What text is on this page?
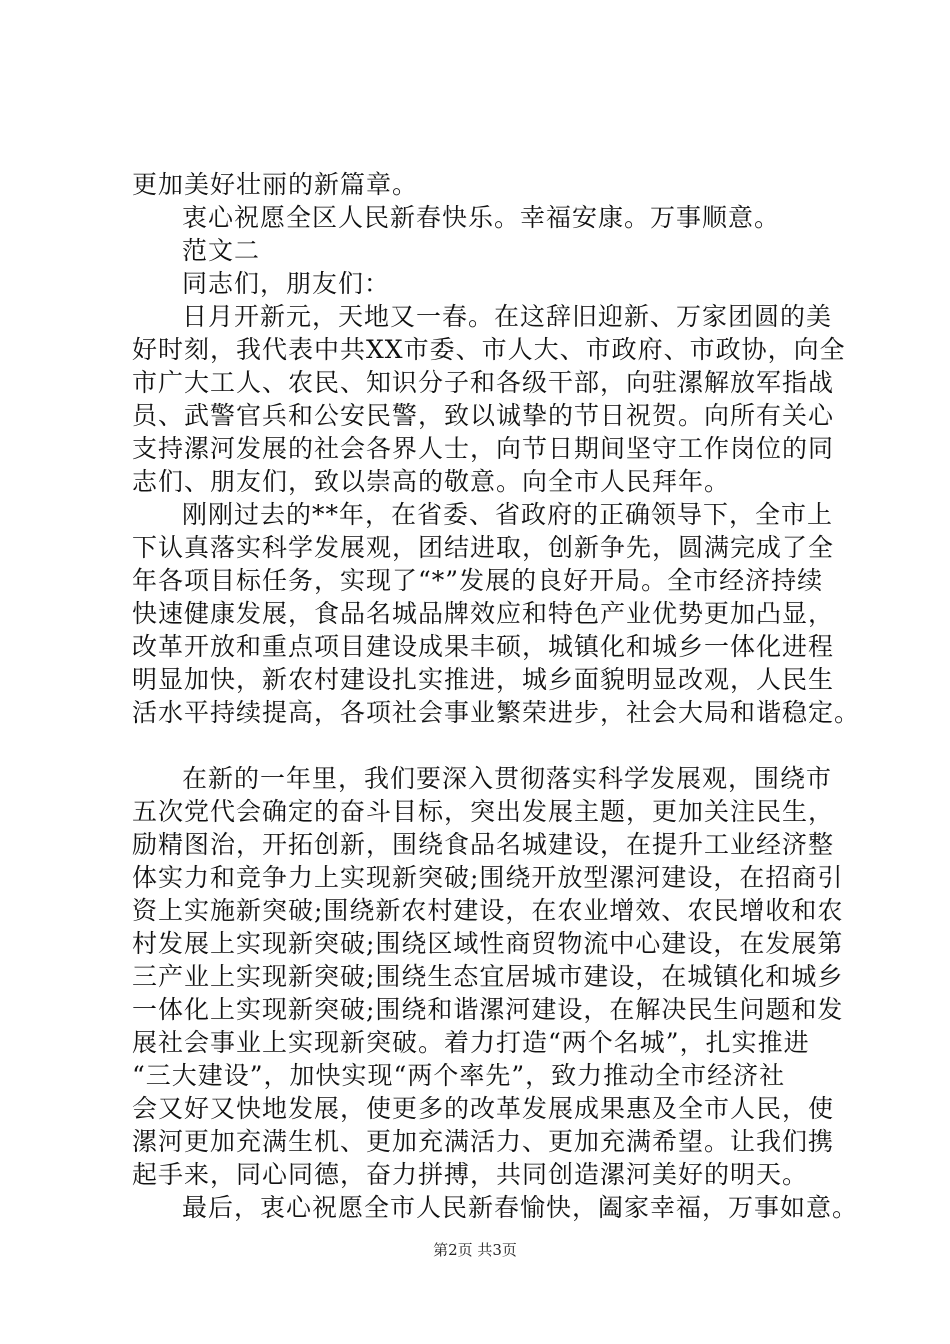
更加美好壮丽的新篇章。
衷心祝愿全区人民新春快乐。幸福安康。万事顺意。
范文二
同志们，朋友们：
日月开新元，天地又一春。在这辞旧迎新、万家团圆的美
好时刻，我代表中共XX市委、市人大、市政府、市政协，向全
市广大工人、农民、知识分子和各级干部，向驻漯解放军指战
员、武警官兵和公安民警，致以诚挚的节日祝贺。向所有关心
支持漯河发展的社会各界人士，向节日期间坚守工作岗位的同
志们、朋友们，致以崇高的敬意。向全市人民拜年。
刚刚过去的**年，在省委、省政府的正确领导下，全市上
下认真落实科学发展观，团结进取，创新争先，圆满完成了全
年各项目标任务，实现了“*”发展的良好开局。全市经济持续
快速健康发展，食品名城品牌效应和特色产业优势更加凸显，
改革开放和重点项目建设成果丰硕，城镇化和城乡一体化进程
明显加快，新农村建设扎实推进，城乡面貌明显改观，人民生
活水平持续提高，各项社会事业繁荣进步，社会大局和谐稳定。
在新的一年里，我们要深入贯彻落实科学发展观，围绕市
五次党代会确定的奋斗目标，突出发展主题，更加关注民生，
励精图治，开拓创新，围绕食品名城建设，在提升工业经济整
体实力和竞争力上实现新突破;围绕开放型漯河建设，在招商引
资上实施新突破;围绕新农村建设，在农业增效、农民增收和农
村发展上实现新突破;围绕区域性商贸物流中心建设，在发展第
三产业上实现新突破;围绕生态宜居城市建设，在城镇化和城乡
一体化上实现新突破;围绕和谐漯河建设，在解决民生问题和发
展社会事业上实现新突破。着力打造“两个名城”，扎实推进
“三大建设”，加快实现“两个率先”，致力推动全市经济社
会又好又快地发展，使更多的改革发展成果惠及全市人民，使
漯河更加充满生机、更加充满活力、更加充满希望。让我们携
起手来，同心同德，奋力拼搏，共同创造漯河美好的明天。
最后，衷心祝愿全市人民新春愉快，阖家幸福，万事如意。
第2页 共3页
